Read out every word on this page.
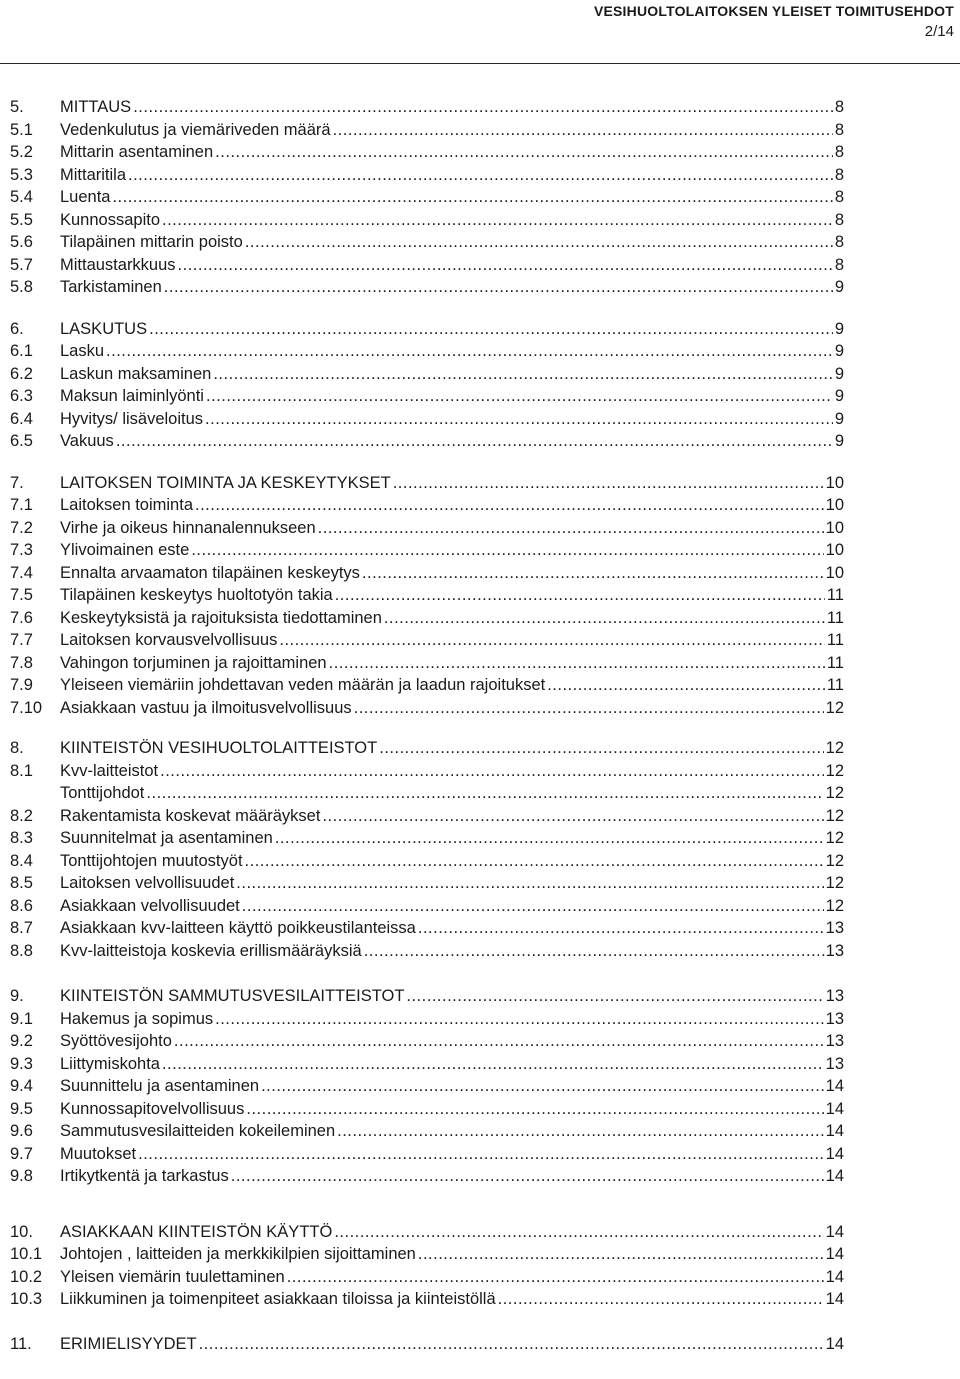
VESIHUOLTOLAITOKSEN YLEISET TOIMITUSEHDOT
2/14
5.	MITTAUS .....	8
5.1	Vedenkulutus ja viemäriveden määrä .....	8
5.2	Mittarin asentaminen .....	8
5.3	Mittaritila .....	8
5.4	Luenta .....	8
5.5	Kunnossapito .....	8
5.6	Tilapäinen mittarin poisto .....	8
5.7	Mittaustarkkuus .....	8
5.8	Tarkistaminen .....	9
6.	LASKUTUS .....	9
6.1	Lasku .....	9
6.2	Laskun maksaminen .....	9
6.3	Maksun laiminlyönti .....	9
6.4	Hyvitys/ lisäveloitus .....	9
6.5	Vakuus .....	9
7.	LAITOKSEN TOIMINTA JA KESKEYTYKSET .....	10
7.1	Laitoksen toiminta .....	10
7.2	Virhe ja oikeus hinnanalennukseen .....	10
7.3	Ylivoimainen este .....	10
7.4	Ennalta arvaamaton tilapäinen keskeytys .....	10
7.5	Tilapäinen keskeytys huoltotyön takia .....	11
7.6	Keskeytyksistä ja rajoituksista tiedottaminen .....	11
7.7	Laitoksen korvausvelvollisuus .....	11
7.8	Vahingon torjuminen ja rajoittaminen .....	11
7.9	Yleiseen viemäriin johdettavan veden määrän ja laadun rajoitukset .....	11
7.10	Asiakkaan vastuu ja ilmoitusvelvollisuus .....	12
8.	KIINTEISTÖN VESIHUOLTOLAITTEISTOT .....	12
8.1	Kvv-laitteistot .....	12
Tonttijohdot .....	12
8.2	Rakentamista koskevat määräykset .....	12
8.3	Suunnitelmat ja asentaminen .....	12
8.4	Tonttijohtojen muutostyöt .....	12
8.5	Laitoksen velvollisuudet .....	12
8.6	Asiakkaan velvollisuudet .....	12
8.7	Asiakkaan kvv-laitteen käyttö poikkeustilanteissa .....	13
8.8	Kvv-laitteistoja koskevia erillismääräyksiä .....	.13
9.	KIINTEISTÖN SAMMUTUSVESILAITTEISTOT .....	13
9.1	Hakemus ja sopimus .....	13
9.2	Syöttövesijohto .....	13
9.3	Liittymiskohta .....	13
9.4	Suunnittelu ja asentaminen .....	14
9.5	Kunnossapitovelvollisuus .....	14
9.6	Sammutusvesilaitteiden kokeileminen .....	14
9.7	Muutokset .....	14
9.8	Irtikytkentä ja tarkastus .....	14
10.	ASIAKKAAN KIINTEISTÖN KÄYTTÖ .....	14
10.1	Johtojen , laitteiden ja merkkikilpien sijoittaminen .....	14
10.2	Yleisen viemärin tuulettaminen .....	14
10.3	Liikkuminen ja toimenpiteet asiakkaan tiloissa ja kiinteistöllä .....	14
11.	ERIMIELISYYDET .....	14
